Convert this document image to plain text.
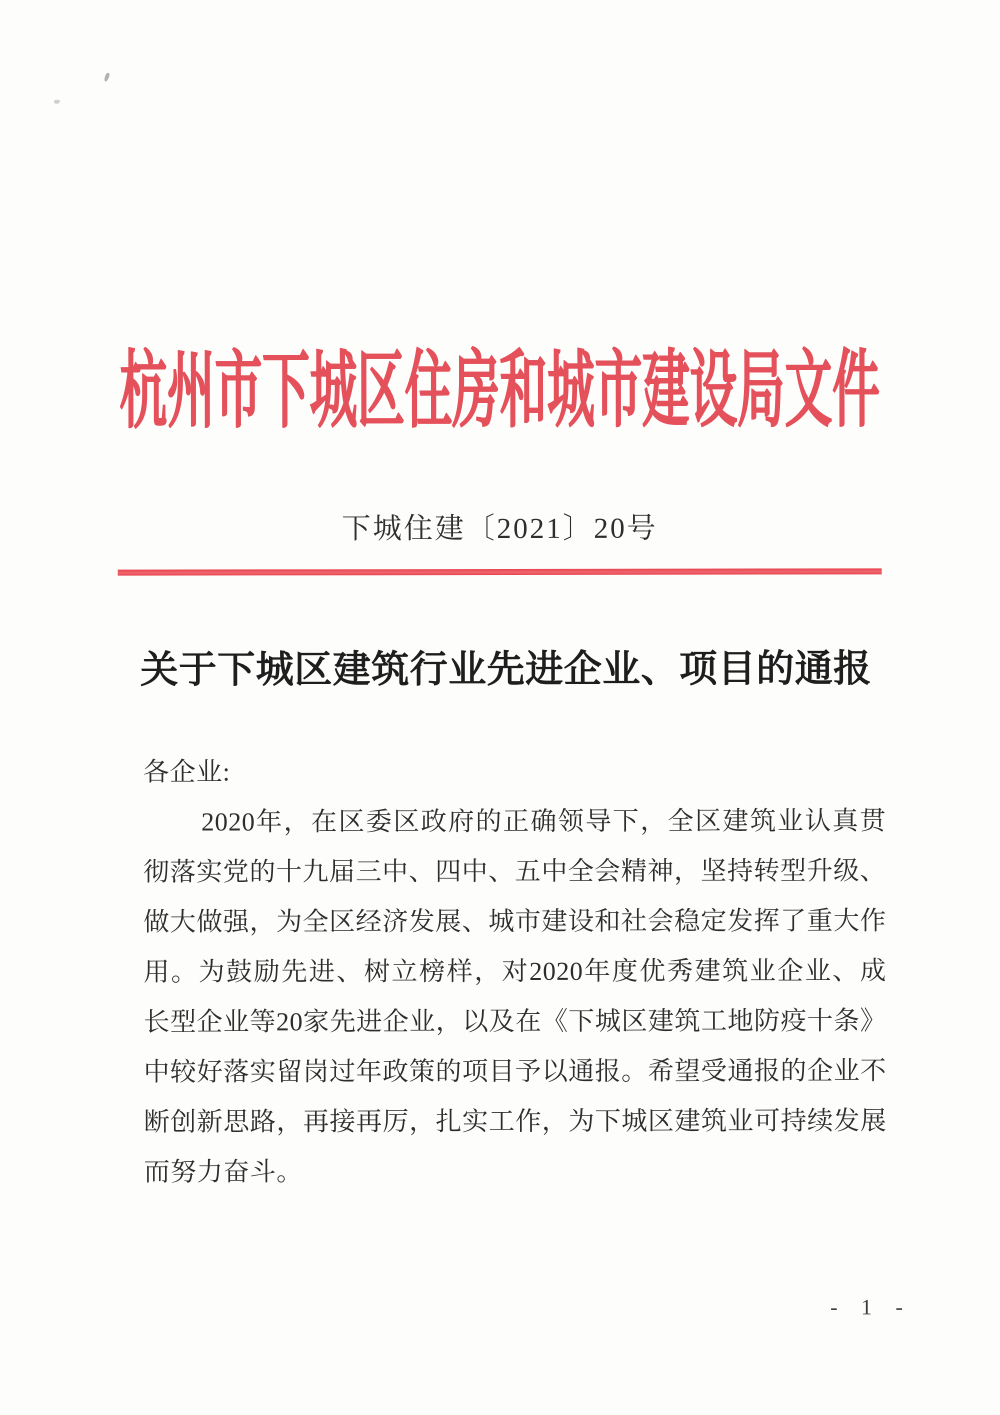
杭州市下城区住房和城市建设局文件
下城住建〔2021〕20号
关于下城区建筑行业先进企业、项目的通报
各企业:
2020年，在区委区政府的正确领导下，全区建筑业认真贯
彻落实党的十九届三中、四中、五中全会精神，坚持转型升级、
做大做强，为全区经济发展、城市建设和社会稳定发挥了重大作
用。为鼓励先进、树立榜样，对2020年度优秀建筑业企业、成
长型企业等20家先进企业，以及在《下城区建筑工地防疫十条》
中较好落实留岗过年政策的项目予以通报。希望受通报的企业不
断创新思路，再接再厉，扎实工作，为下城区建筑业可持续发展
而努力奋斗。
- 1 -
